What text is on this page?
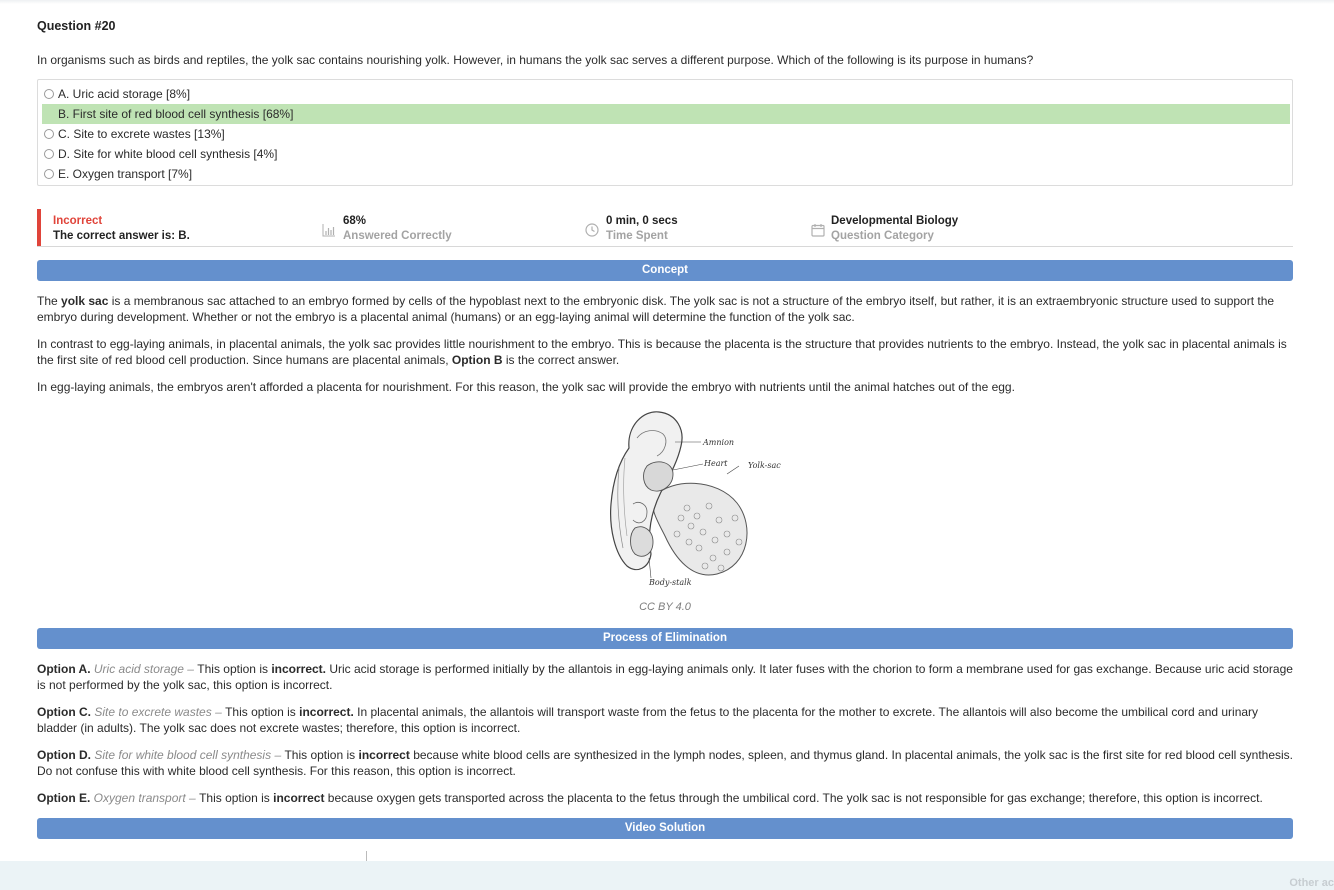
Question #20
In organisms such as birds and reptiles, the yolk sac contains nourishing yolk. However, in humans the yolk sac serves a different purpose. Which of the following is its purpose in humans?
A. Uric acid storage [8%]
B. First site of red blood cell synthesis [68%]
C. Site to excrete wastes [13%]
D. Site for white blood cell synthesis [4%]
E. Oxygen transport [7%]
Incorrect
The correct answer is: B.
68%
Answered Correctly
0 min, 0 secs
Time Spent
Developmental Biology
Question Category
Concept
The yolk sac is a membranous sac attached to an embryo formed by cells of the hypoblast next to the embryonic disk. The yolk sac is not a structure of the embryo itself, but rather, it is an extraembryonic structure used to support the embryo during development. Whether or not the embryo is a placental animal (humans) or an egg-laying animal will determine the function of the yolk sac.
In contrast to egg-laying animals, in placental animals, the yolk sac provides little nourishment to the embryo. This is because the placenta is the structure that provides nutrients to the embryo. Instead, the yolk sac in placental animals is the first site of red blood cell production. Since humans are placental animals, Option B is the correct answer.
In egg-laying animals, the embryos aren't afforded a placenta for nourishment. For this reason, the yolk sac will provide the embryo with nutrients until the animal hatches out of the egg.
Amnion
Heart	Yolk-sac
Body-stalk
CC BY 4.0
Process of Elimination
Option A. Uric acid storage – This option is incorrect. Uric acid storage is performed initially by the allantois in egg-laying animals only. It later fuses with the chorion to form a membrane used for gas exchange. Because uric acid storage is not performed by the yolk sac, this option is incorrect.
Option C. Site to excrete wastes – This option is incorrect. In placental animals, the allantois will transport waste from the fetus to the placenta for the mother to excrete. The allantois will also become the umbilical cord and urinary bladder (in adults). The yolk sac does not excrete wastes; therefore, this option is incorrect.
Option D. Site for white blood cell synthesis – This option is incorrect because white blood cells are synthesized in the lymph nodes, spleen, and thymus gland. In placental animals, the yolk sac is the first site for red blood cell synthesis. Do not confuse this with white blood cell synthesis. For this reason, this option is incorrect.
Option E. Oxygen transport – This option is incorrect because oxygen gets transported across the placenta to the fetus through the umbilical cord. The yolk sac is not responsible for gas exchange; therefore, this option is incorrect.
Video Solution
Other ac
